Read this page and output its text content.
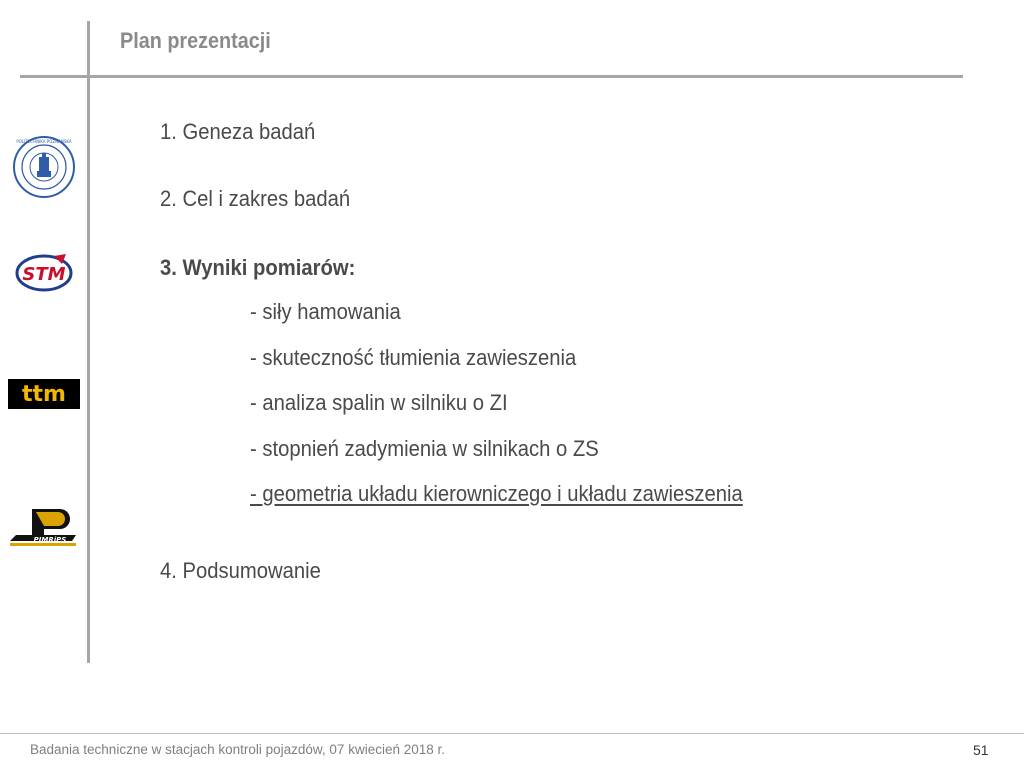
Plan prezentacji
POLITECHNIKA POZNAŃSKA
STM
ttm
PIMRiPS
1. Geneza badań
2. Cel i zakres badań
3. Wyniki pomiarów:
- siły hamowania
- skuteczność tłumienia zawieszenia
- analiza spalin w silniku o ZI
- stopnień zadymienia w silnikach o ZS
- geometria układu kierowniczego i układu zawieszenia
4. Podsumowanie
Badania techniczne w stacjach kontroli pojazdów, 07 kwiecień 2018 r.	51
